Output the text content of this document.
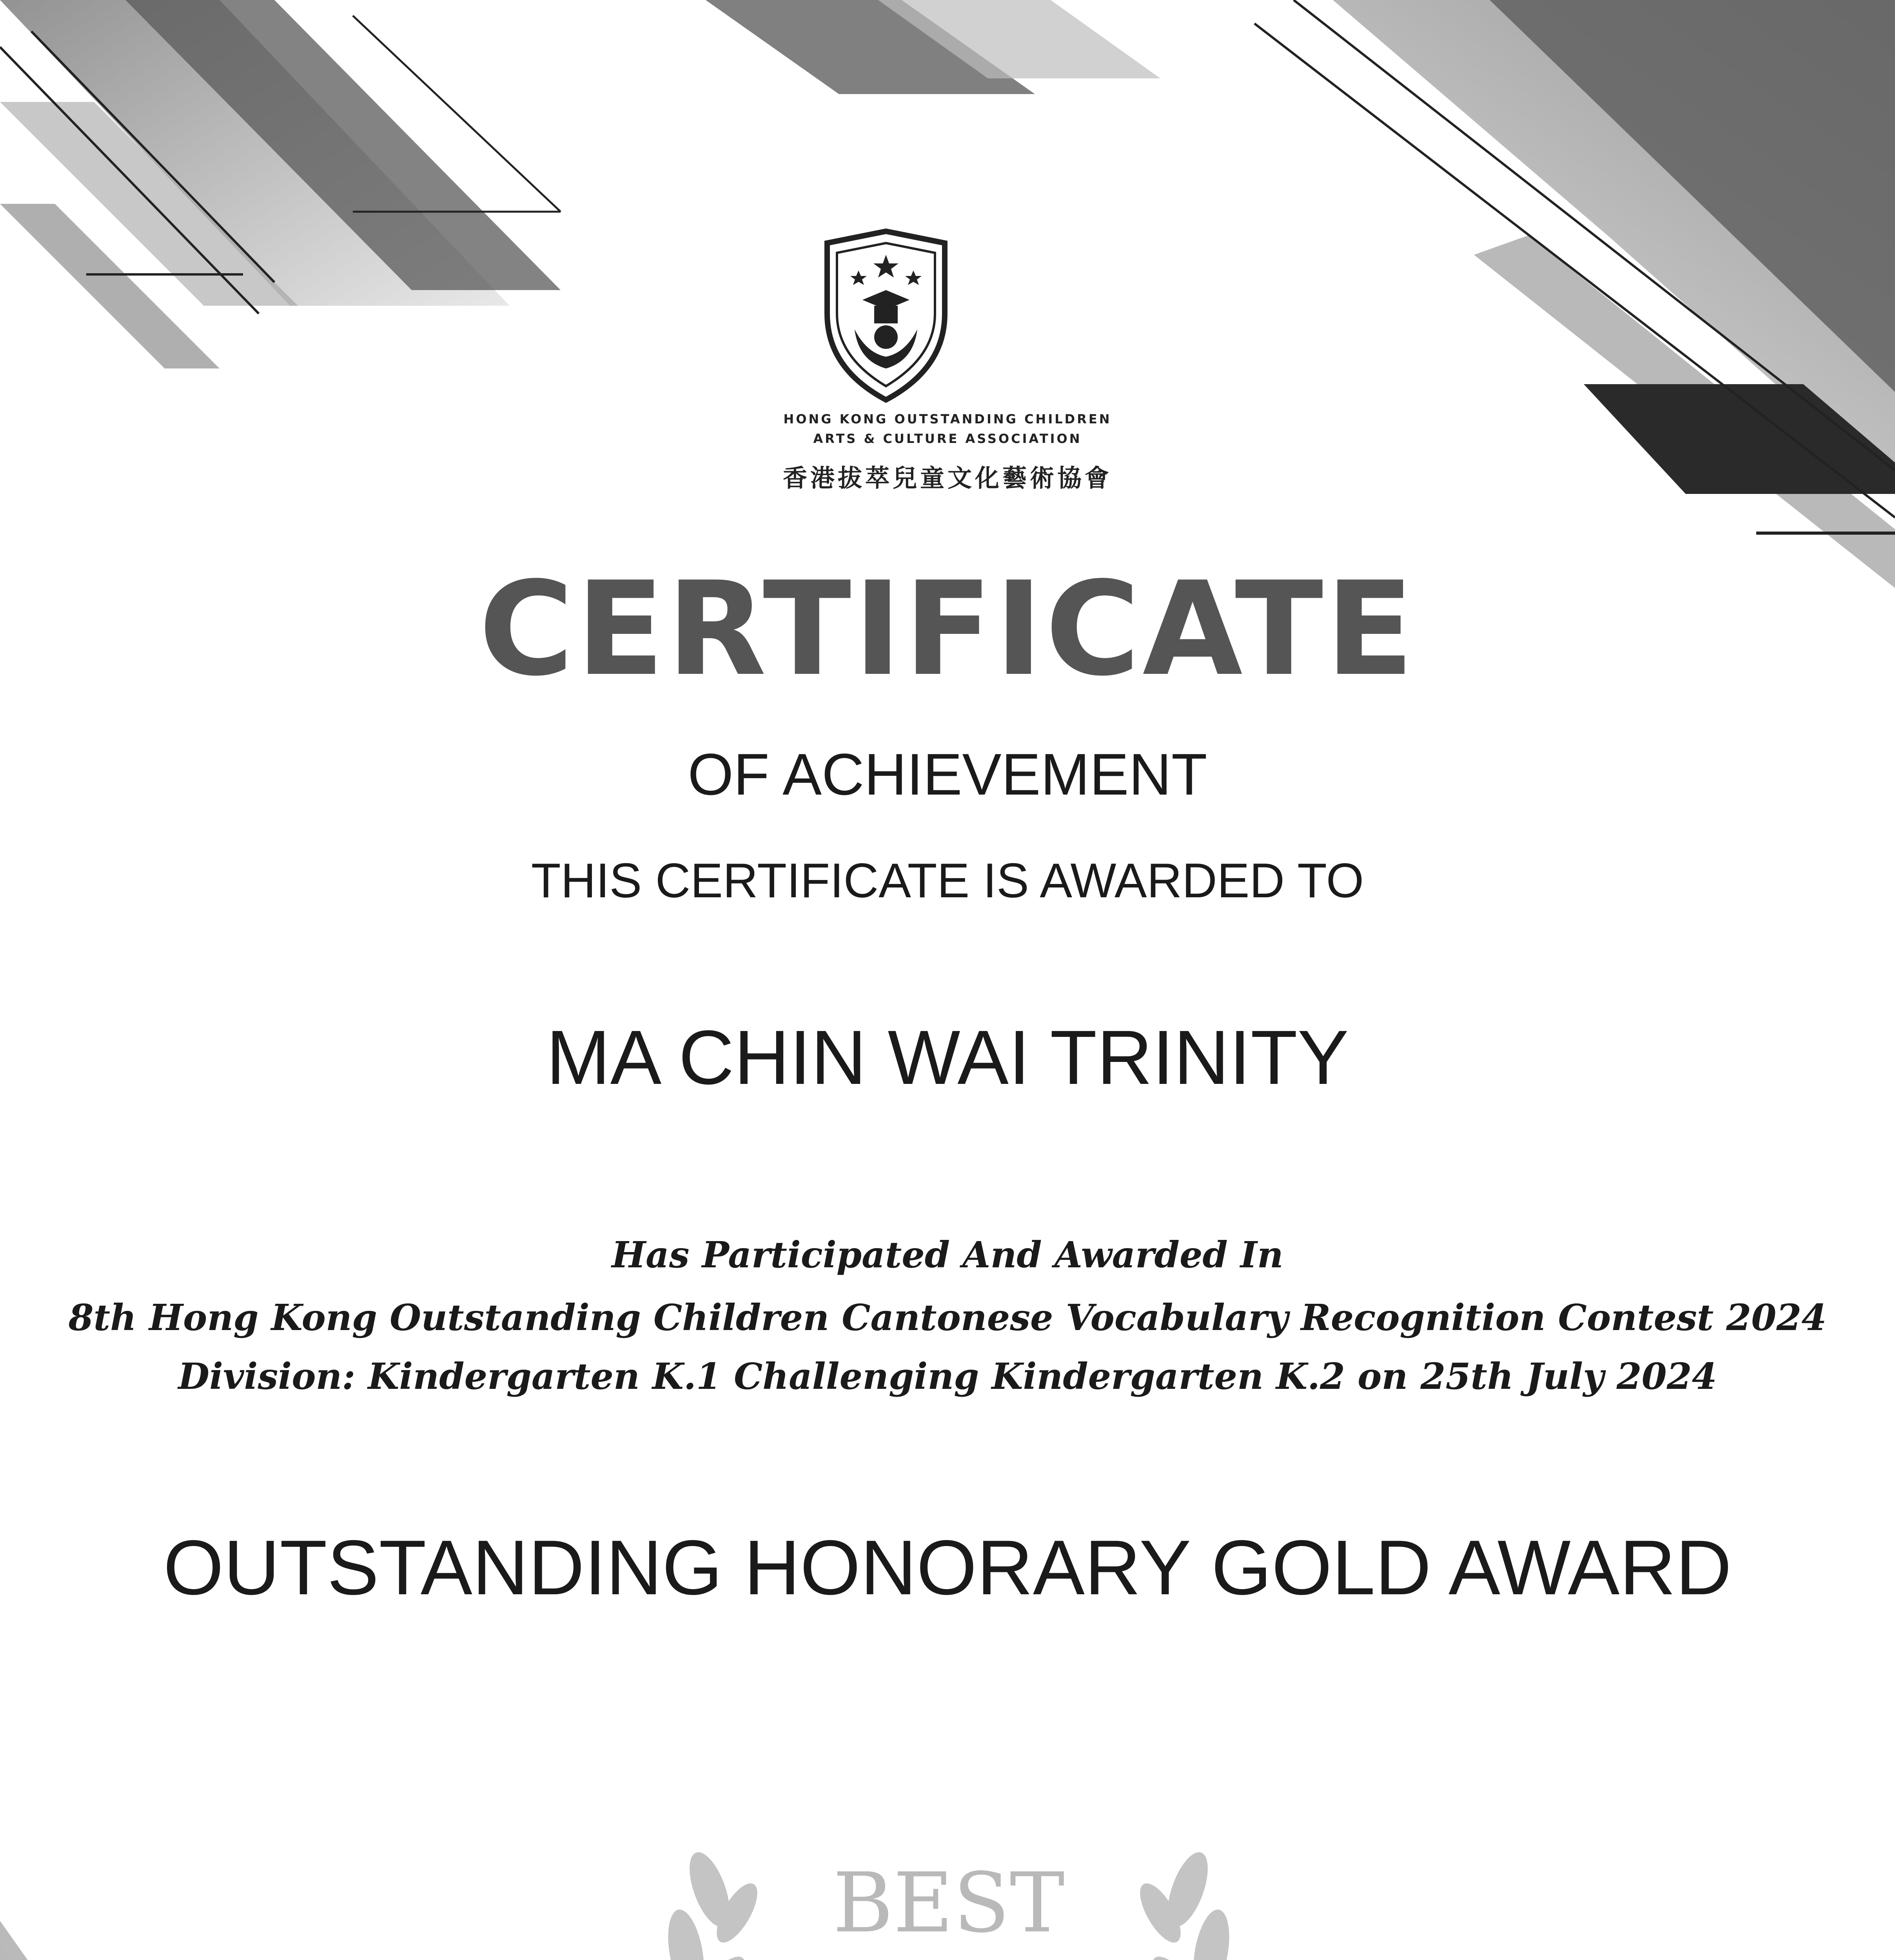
HONG KONG OUTSTANDING CHILDREN
ARTS & CULTURE ASSOCIATION
香港拔萃兒童文化藝術協會
CERTIFICATE
OF ACHIEVEMENT
THIS CERTIFICATE IS AWARDED TO
MA CHIN WAI TRINITY
Has Participated And Awarded In
8th Hong Kong Outstanding Children Cantonese Vocabulary Recognition Contest 2024
Division: Kindergarten K.1 Challenging Kindergarten K.2 on 25th July 2024
OUTSTANDING HONORARY GOLD AWARD
BEST
